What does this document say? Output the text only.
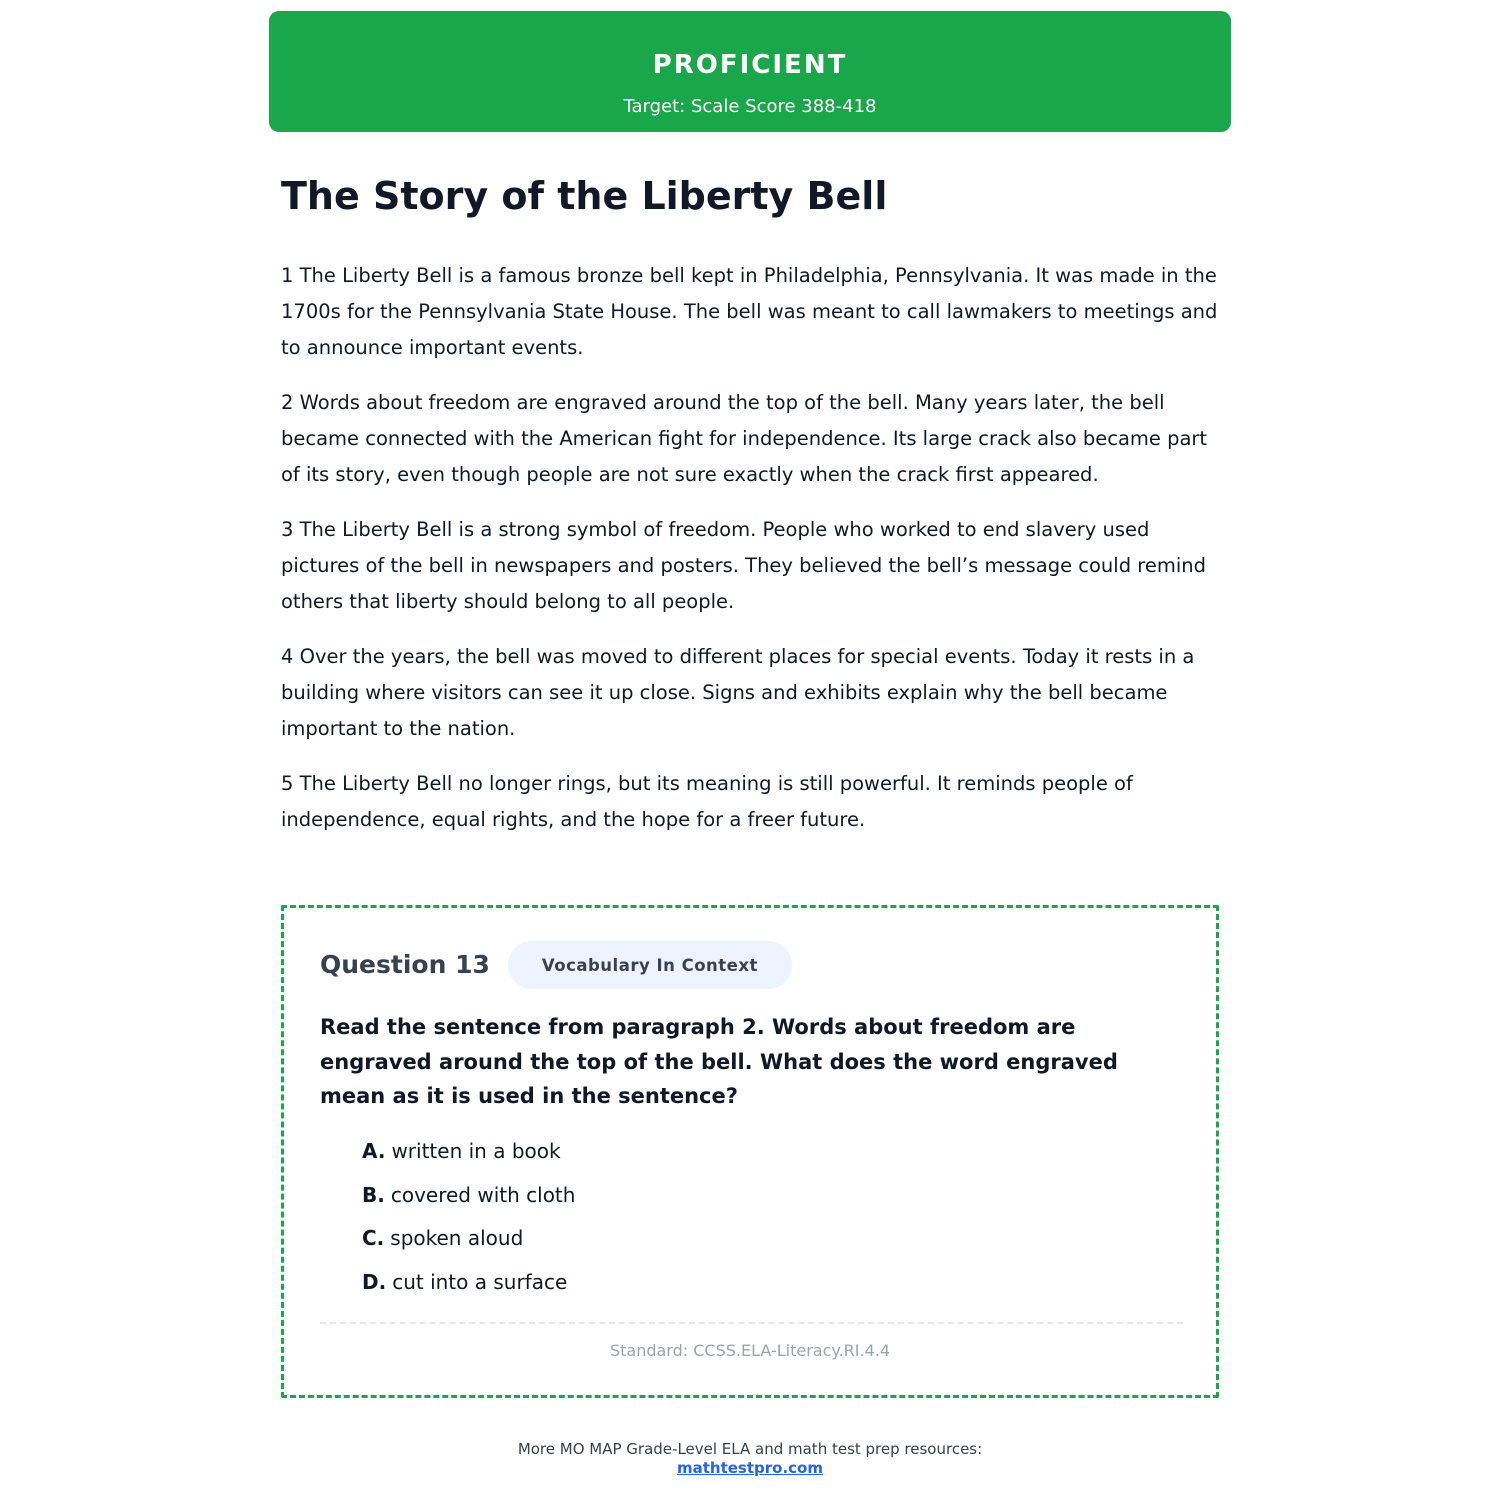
PROFICIENT
Target: Scale Score 388-418
The Story of the Liberty Bell

1 The Liberty Bell is a famous bronze bell kept in Philadelphia, Pennsylvania. It was made in the 1700s for the Pennsylvania State House. The bell was meant to call lawmakers to meetings and to announce important events.

2 Words about freedom are engraved around the top of the bell. Many years later, the bell became connected with the American fight for independence. Its large crack also became part of its story, even though people are not sure exactly when the crack first appeared.

3 The Liberty Bell is a strong symbol of freedom. People who worked to end slavery used pictures of the bell in newspapers and posters. They believed the bell’s message could remind others that liberty should belong to all people.

4 Over the years, the bell was moved to different places for special events. Today it rests in a building where visitors can see it up close. Signs and exhibits explain why the bell became important to the nation.

5 The Liberty Bell no longer rings, but its meaning is still powerful. It reminds people of independence, equal rights, and the hope for a freer future.

Question 13	Vocabulary In Context
Read the sentence from paragraph 2. Words about freedom are engraved around the top of the bell. What does the word engraved mean as it is used in the sentence?
A. written in a book
B. covered with cloth
C. spoken aloud
D. cut into a surface
Standard: CCSS.ELA-Literacy.RI.4.4
More MO MAP Grade-Level ELA and math test prep resources:
mathtestpro.com
